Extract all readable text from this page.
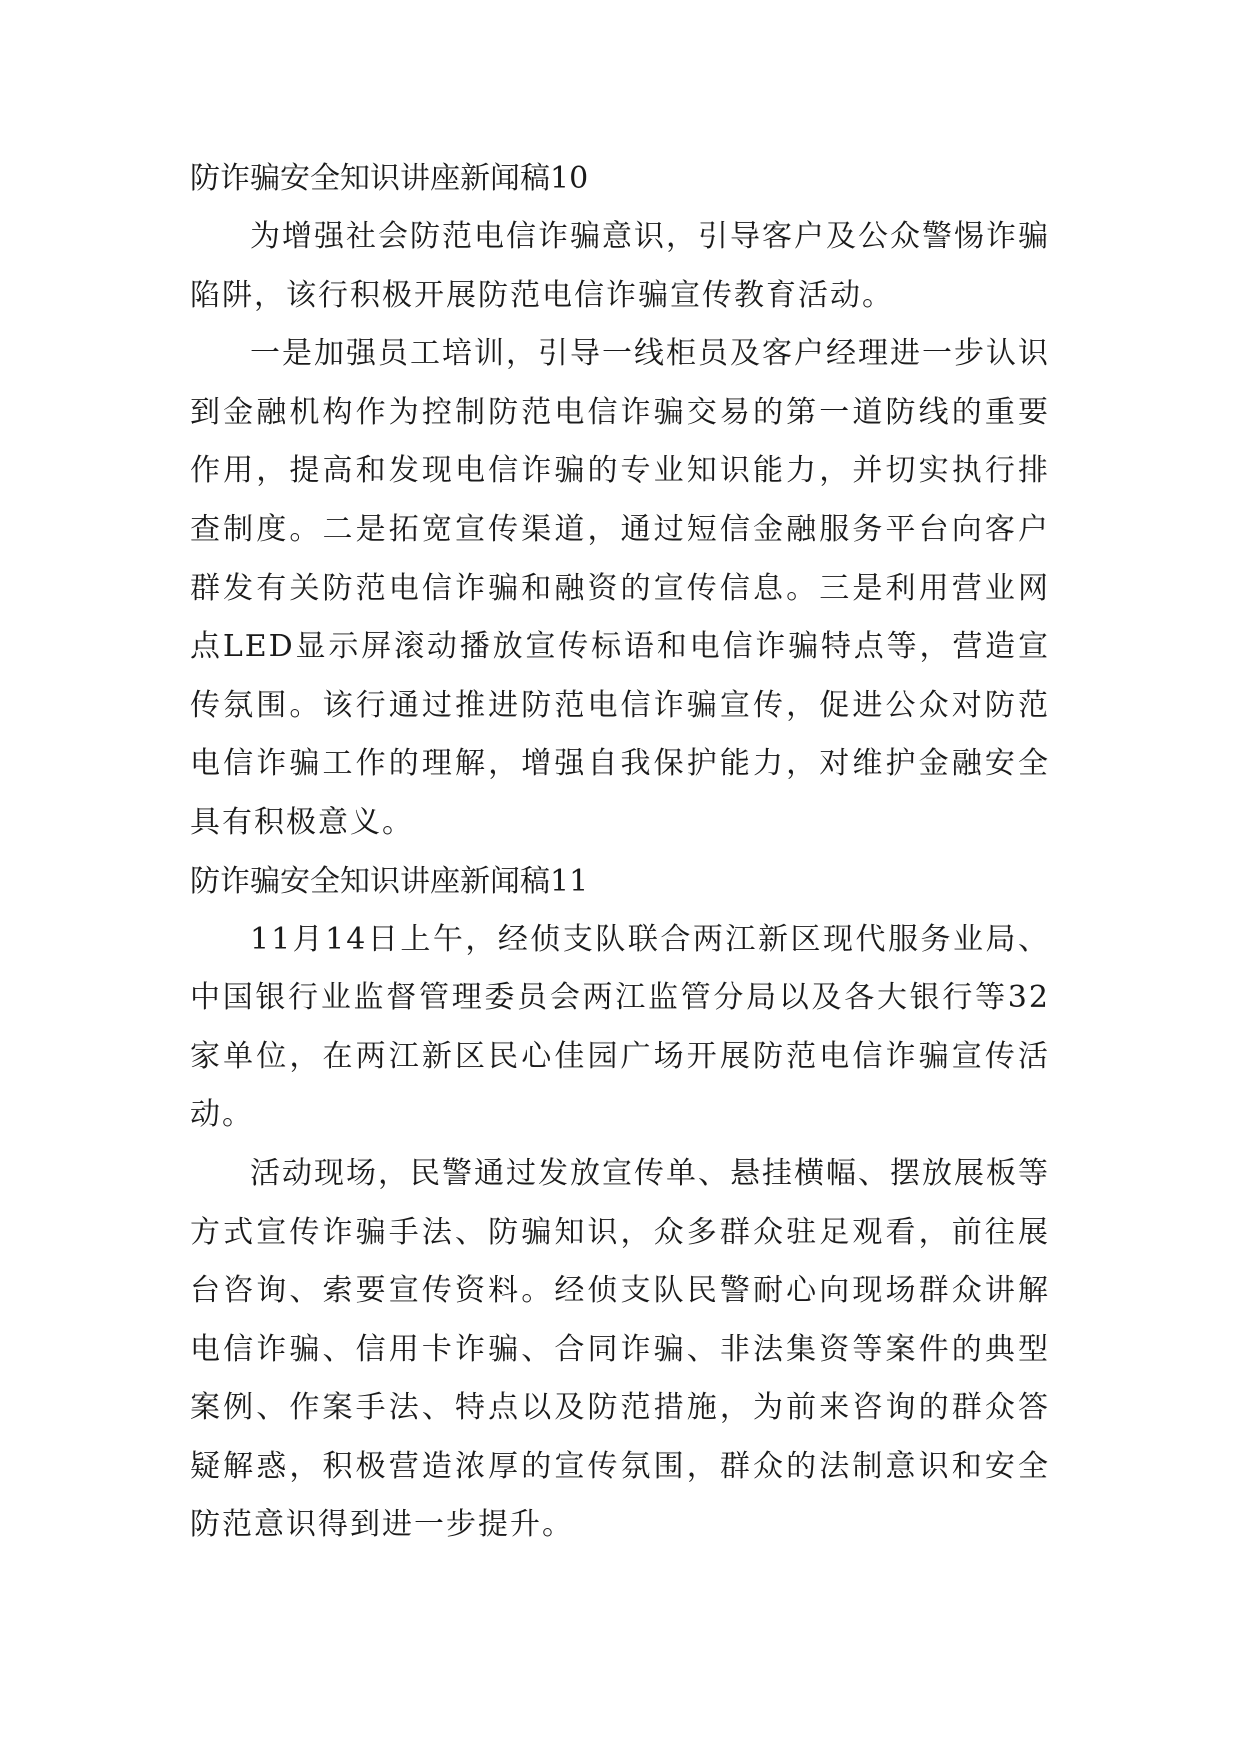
防诈骗安全知识讲座新闻稿10

为增强社会防范电信诈骗意识，引导客户及公众警惕诈骗陷阱，该行积极开展防范电信诈骗宣传教育活动。

一是加强员工培训，引导一线柜员及客户经理进一步认识到金融机构作为控制防范电信诈骗交易的第一道防线的重要作用，提高和发现电信诈骗的专业知识能力，并切实执行排查制度。二是拓宽宣传渠道，通过短信金融服务平台向客户群发有关防范电信诈骗和融资的宣传信息。三是利用营业网点LED显示屏滚动播放宣传标语和电信诈骗特点等，营造宣传氛围。该行通过推进防范电信诈骗宣传，促进公众对防范电信诈骗工作的理解，增强自我保护能力，对维护金融安全具有积极意义。

防诈骗安全知识讲座新闻稿11

11月14日上午，经侦支队联合两江新区现代服务业局、中国银行业监督管理委员会两江监管分局以及各大银行等32家单位，在两江新区民心佳园广场开展防范电信诈骗宣传活动。

活动现场，民警通过发放宣传单、悬挂横幅、摆放展板等方式宣传诈骗手法、防骗知识，众多群众驻足观看，前往展台咨询、索要宣传资料。经侦支队民警耐心向现场群众讲解电信诈骗、信用卡诈骗、合同诈骗、非法集资等案件的典型案例、作案手法、特点以及防范措施，为前来咨询的群众答疑解惑，积极营造浓厚的宣传氛围，群众的法制意识和安全防范意识得到进一步提升。
